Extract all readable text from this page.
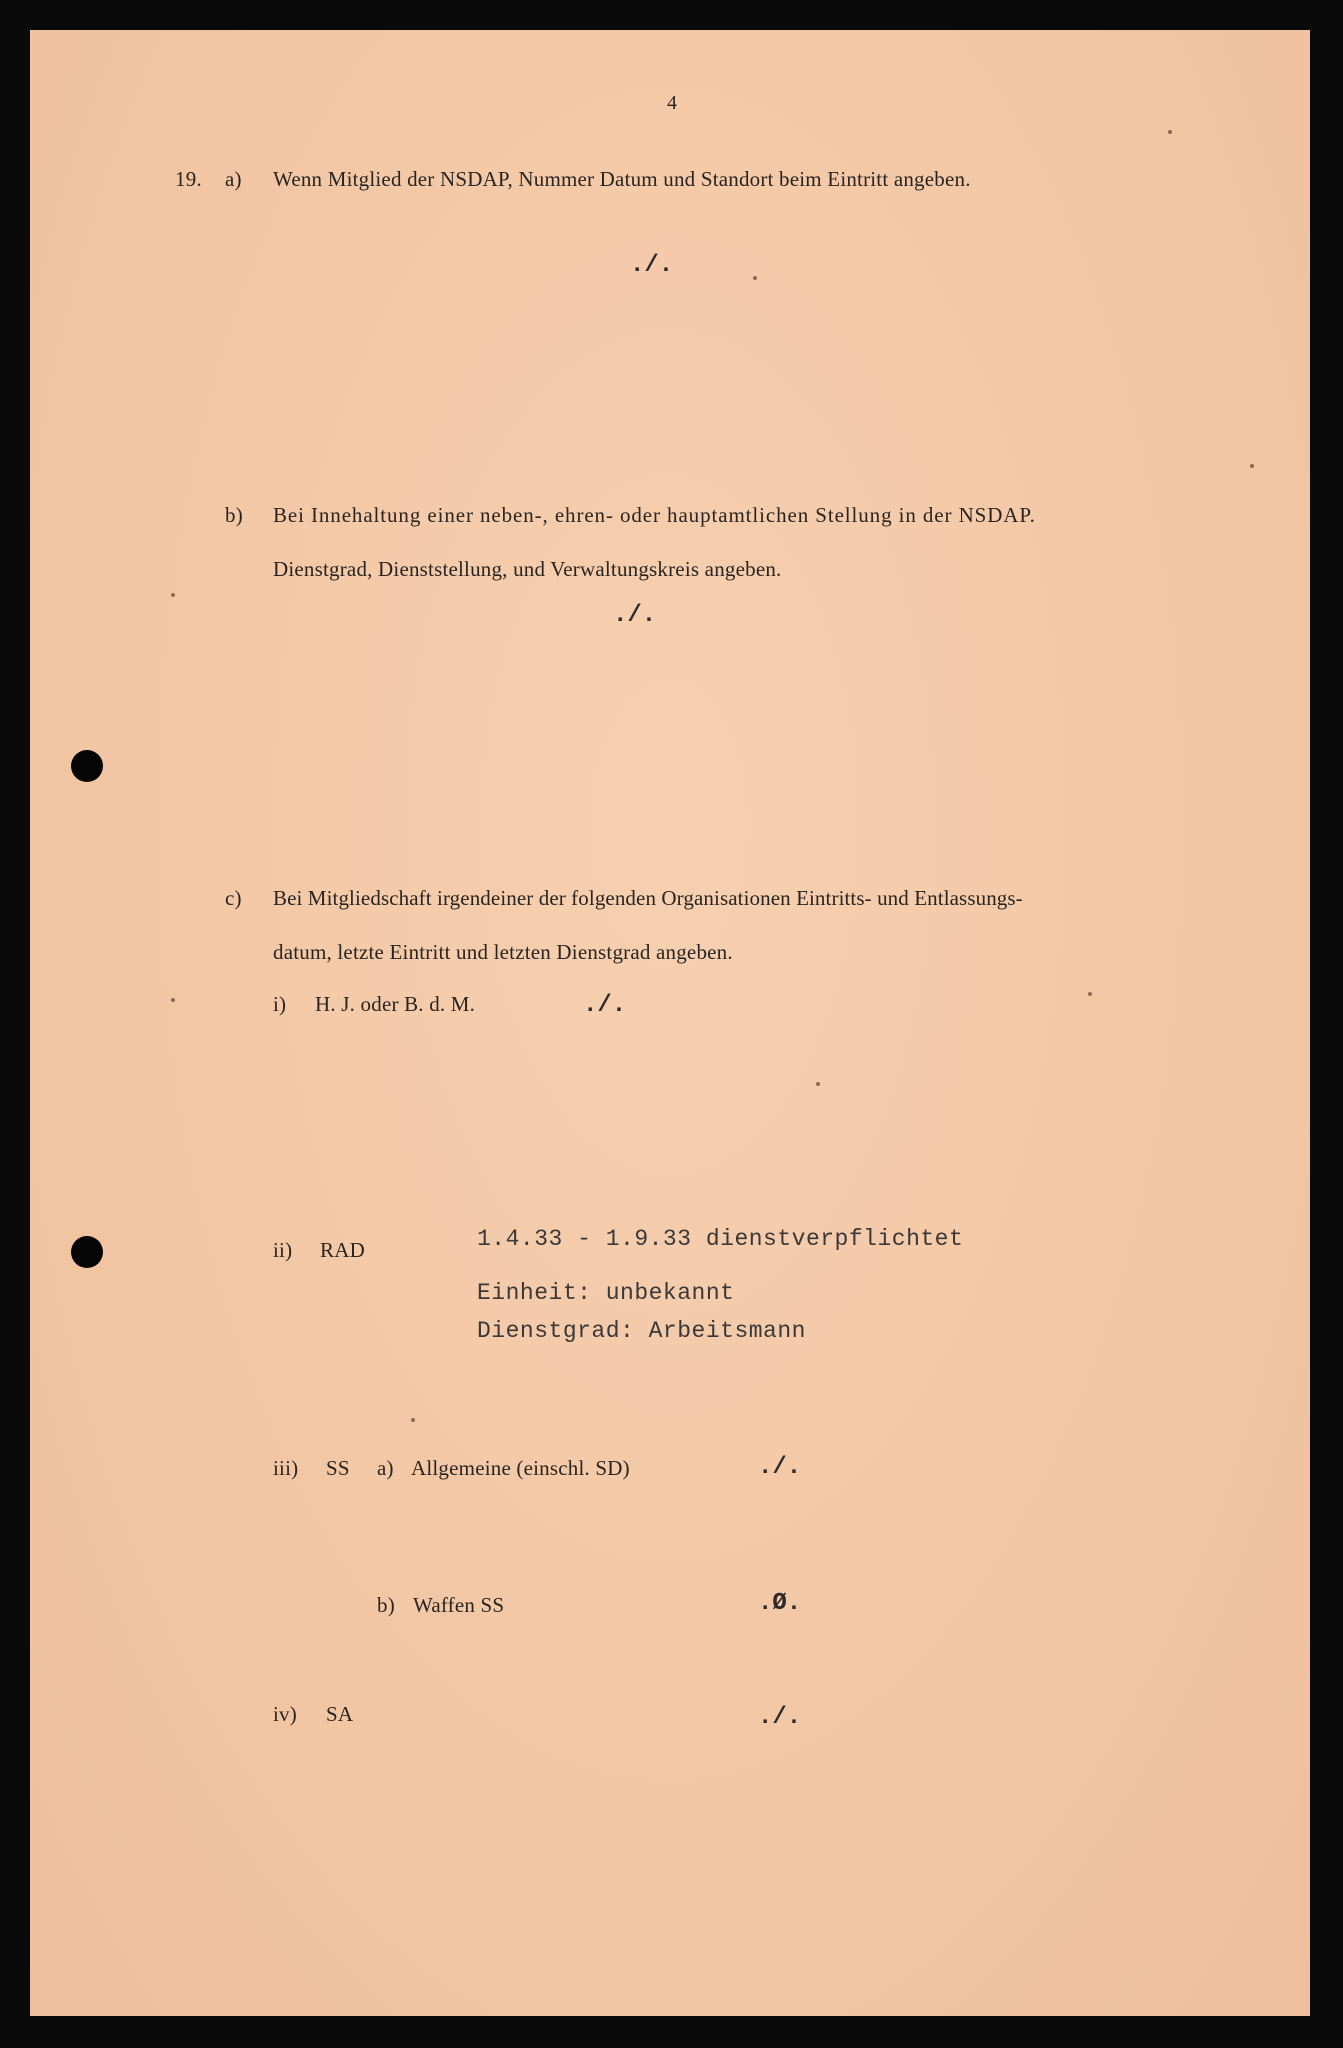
4
19. a) Wenn Mitglied der NSDAP, Nummer Datum und Standort beim Eintritt angeben.
./.
b) Bei Innehaltung einer neben-, ehren- oder hauptamtlichen Stellung in der NSDAP.
Dienstgrad, Dienststellung, und Verwaltungskreis angeben.
./.
c) Bei Mitgliedschaft irgendeiner der folgenden Organisationen Eintritts- und Entlassungs-
datum, letzte Eintritt und letzten Dienstgrad angeben.
i) H. J. oder B. d. M.	./.
ii) RAD	1.4.33 - 1.9.33 dienstverpflichtet
Einheit: unbekannt
Dienstgrad: Arbeitsmann
iii) SS a) Allgemeine (einschl. SD)	./.
b) Waffen SS	.Ø.
iv) SA	./.
